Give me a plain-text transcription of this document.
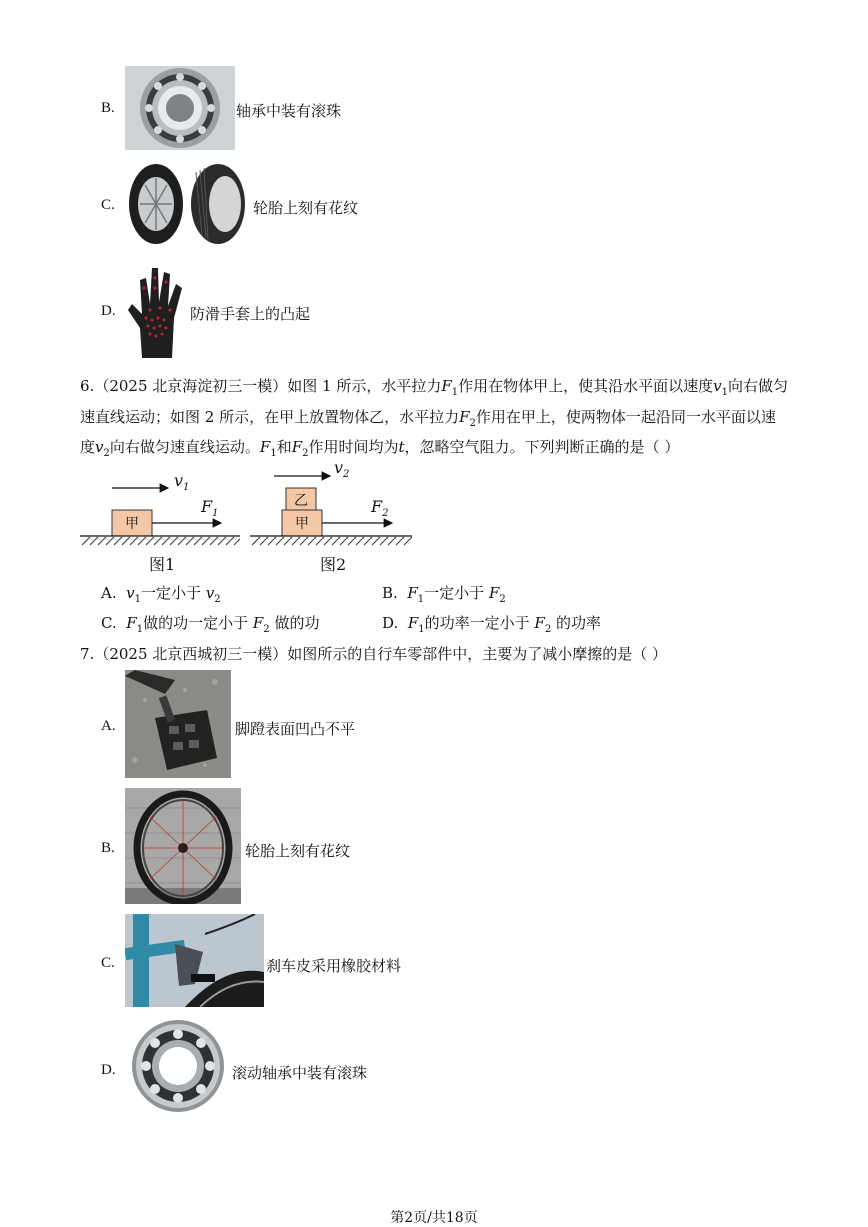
B.	轴承中装有滚珠
C.	轮胎上刻有花纹
D.	防滑手套上的凸起
6.（2025 北京海淀初三一模）如图 1 所示，水平拉力$F_1$作用在物体甲上，使其沿水平面以速度$v_1$向右做匀
速直线运动；如图 2 所示，在甲上放置物体乙，水平拉力$F_2$作用在甲上，使两物体一起沿同一水平面以速
度$v_2$向右做匀速直线运动。$F_1$和$F_2$作用时间均为t，忽略空气阻力。下列判断正确的是（ ）
$v_1$
$F_1$
甲
图1
$v_2$
$F_2$
乙
甲
图2
A. $v_1$一定小于 $v_2$	B. $F_1$一定小于 $F_2$
C. $F_1$做的功一定小于 $F_2$ 做的功	D. $F_1$的功率一定小于 $F_2$ 的功率
7.（2025 北京西城初三一模）如图所示的自行车零部件中，主要为了减小摩擦的是（ ）
A.	脚蹬表面凹凸不平
B.	轮胎上刻有花纹
C.	刹车皮采用橡胶材料
D.	滚动轴承中装有滚珠
第2页/共18页
